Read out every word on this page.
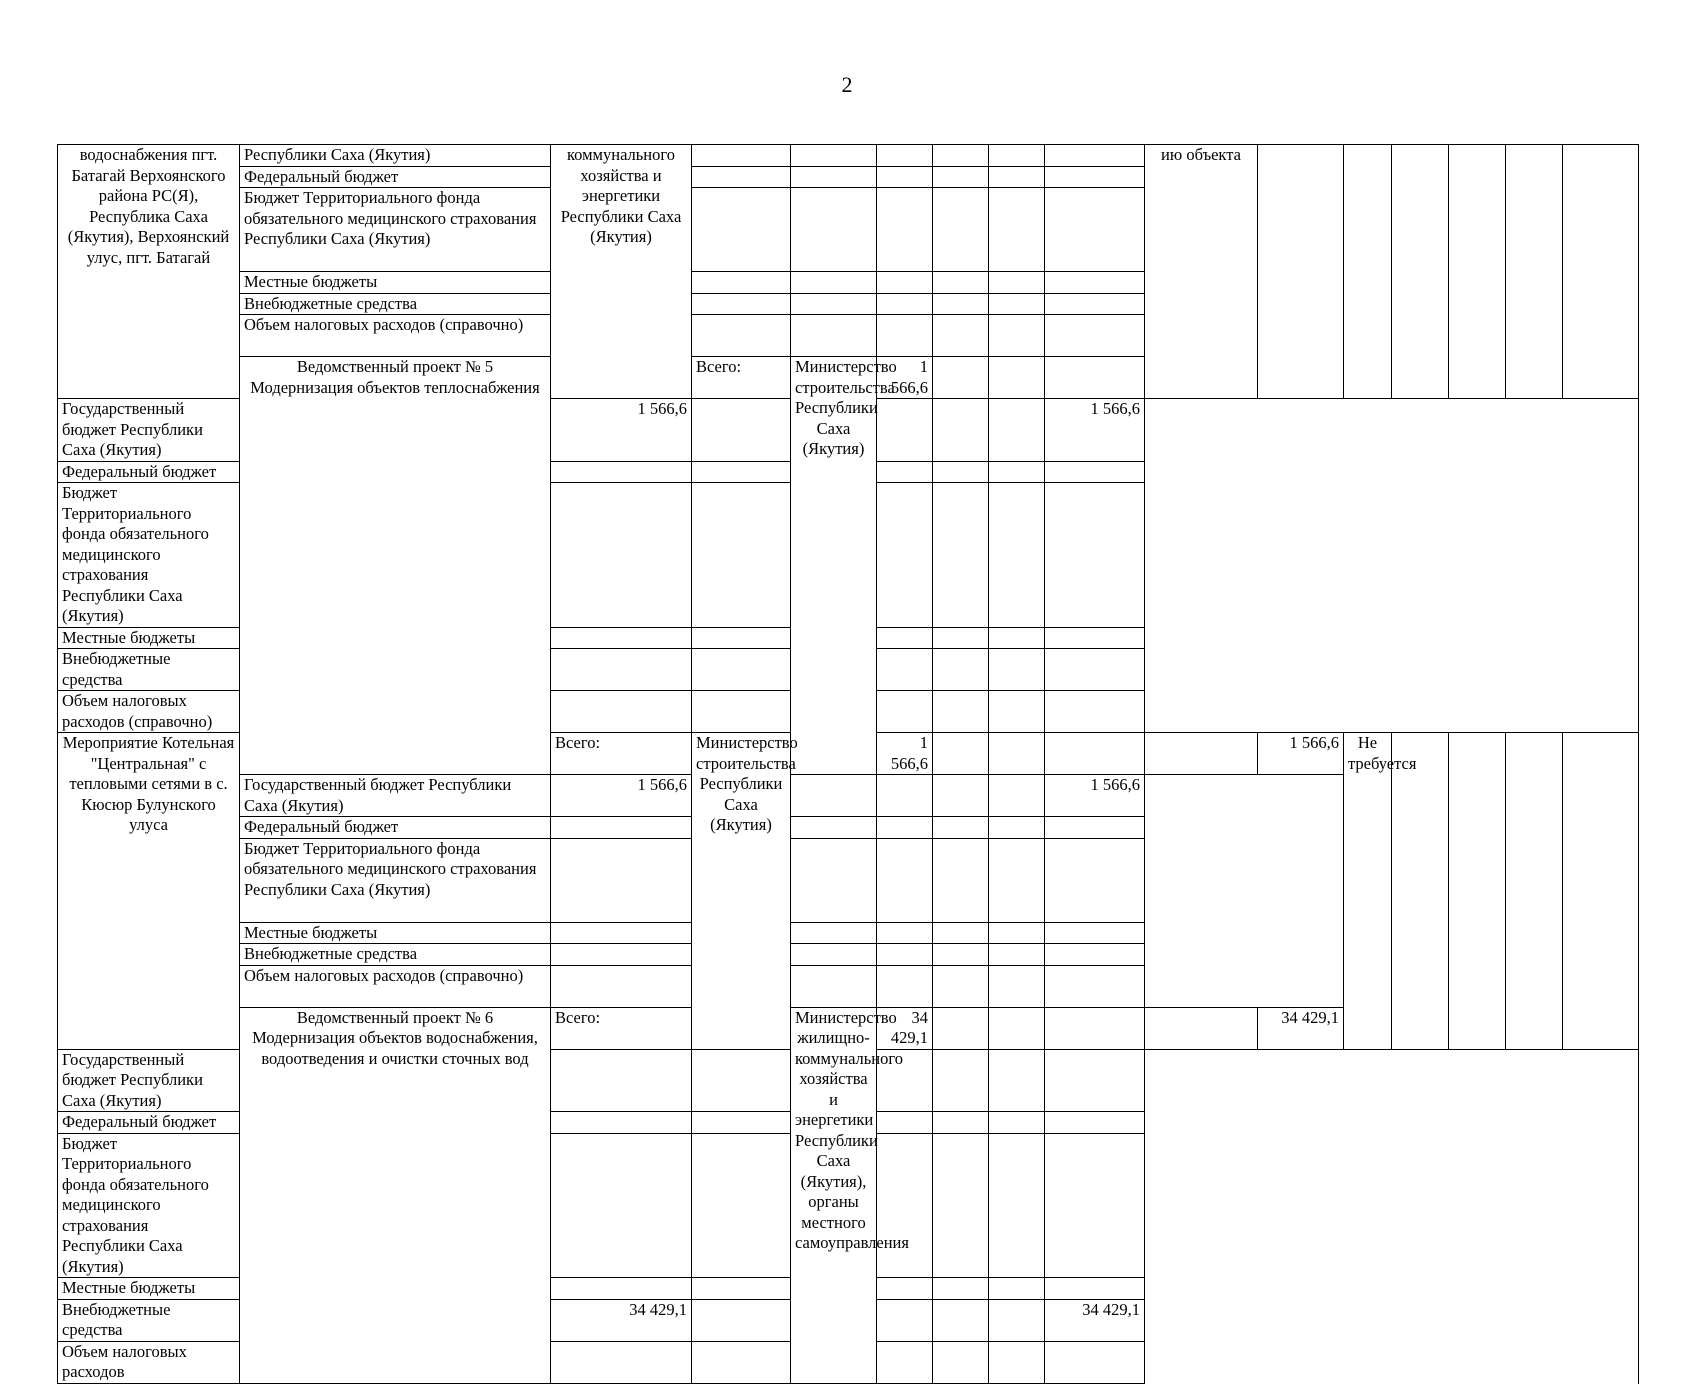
2
водоснабжения пгт. Батагай Верхоянского района РС(Я), Республика Саха (Якутия), Верхоянский улус, пгт. Батагай	Республики Саха (Якутия)	коммунального хозяйства и энергетики Республики Саха (Якутия)							ию объекта							
	Федеральный бюджет															
	Бюджет Территориального фонда обязательного медицинского страхования Республики Саха (Якутия)															
	Местные бюджеты															
	Внебюджетные средства															
	Объем налоговых расходов (справочно)															
	Ведомственный проект № 5 Модернизация объектов теплоснабжения		Всего:	Министерство строительства Республики Саха (Якутия)	1 566,6												
Государственный бюджет Республики Саха (Якутия)		1 566,6						1 566,6								
Федеральный бюджет																
Бюджет Территориального фонда обязательного медицинского страхования Республики Саха (Якутия)																
Местные бюджеты																
Внебюджетные средства																
Объем налоговых расходов (справочно)																
Мероприятие Котельная "Центральная" с тепловыми сетями в с. Кюсюр Булунского улуса		Всего:	Министерство строительства Республики Саха (Якутия)		1 566,6					1 566,6	Не требуется						
	Государственный бюджет Республики Саха (Якутия)	1 566,6						1 566,6								
	Федеральный бюджет															
	Бюджет Территориального фонда обязательного медицинского страхования Республики Саха (Якутия)															
	Местные бюджеты															
	Внебюджетные средства															
	Объем налоговых расходов (справочно)															
	Ведомственный проект № 6 Модернизация объектов водоснабжения, водоотведения и очистки сточных вод	Всего:		Министерство жилищно-коммунального хозяйства и энергетики Республики Саха (Якутия), органы местного самоуправления	34 429,1					34 429,1							
Государственный бюджет Республики Саха (Якутия)																
Федеральный бюджет																
Бюджет Территориального фонда обязательного медицинского страхования Республики Саха (Якутия)																
Местные бюджеты																
Внебюджетные средства		34 429,1						34 429,1								
Объем налоговых расходов																
